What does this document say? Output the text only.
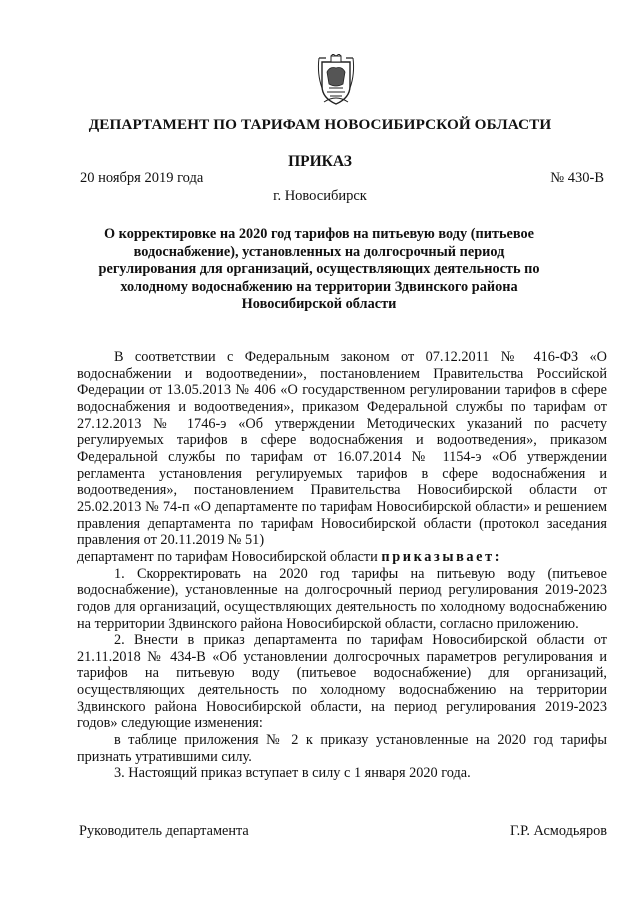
ДЕПАРТАМЕНТ ПО ТАРИФАМ НОВОСИБИРСКОЙ ОБЛАСТИ
ПРИКАЗ
20 ноября 2019 года	№ 430-В
г. Новосибирск
О корректировке на 2020 год тарифов на питьевую воду (питьевое водоснабжение), установленных на долгосрочный период регулирования для организаций, осуществляющих деятельность по холодному водоснабжению на территории Здвинского района Новосибирской области

В соответствии с Федеральным законом от 07.12.2011 № 416-ФЗ «О водоснабжении и водоотведении», постановлением Правительства Российской Федерации от 13.05.2013 № 406 «О государственном регулировании тарифов в сфере водоснабжения и водоотведения», приказом Федеральной службы по тарифам от 27.12.2013 № 1746-э «Об утверждении Методических указаний по расчету регулируемых тарифов в сфере водоснабжения и водоотведения», приказом Федеральной службы по тарифам от 16.07.2014 № 1154-э «Об утверждении регламента установления регулируемых тарифов в сфере водоснабжения и водоотведения», постановлением Правительства Новосибирской области от 25.02.2013 № 74-п «О департаменте по тарифам Новосибирской области» и решением правления департамента по тарифам Новосибирской области (протокол заседания правления от 20.11.2019 № 51)

департамент по тарифам Новосибирской области приказывает:

1. Скорректировать на 2020 год тарифы на питьевую воду (питьевое водоснабжение), установленные на долгосрочный период регулирования 2019-2023 годов для организаций, осуществляющих деятельность по холодному водоснабжению на территории Здвинского района Новосибирской области, согласно приложению.

2. Внести в приказ департамента по тарифам Новосибирской области от 21.11.2018 № 434-В «Об установлении долгосрочных параметров регулирования и тарифов на питьевую воду (питьевое водоснабжение) для организаций, осуществляющих деятельность по холодному водоснабжению на территории Здвинского района Новосибирской области, на период регулирования 2019-2023 годов» следующие изменения:

в таблице приложения № 2 к приказу установленные на 2020 год тарифы признать утратившими силу.

3. Настоящий приказ вступает в силу с 1 января 2020 года.

Руководитель департамента	Г.Р. Асмодьяров
